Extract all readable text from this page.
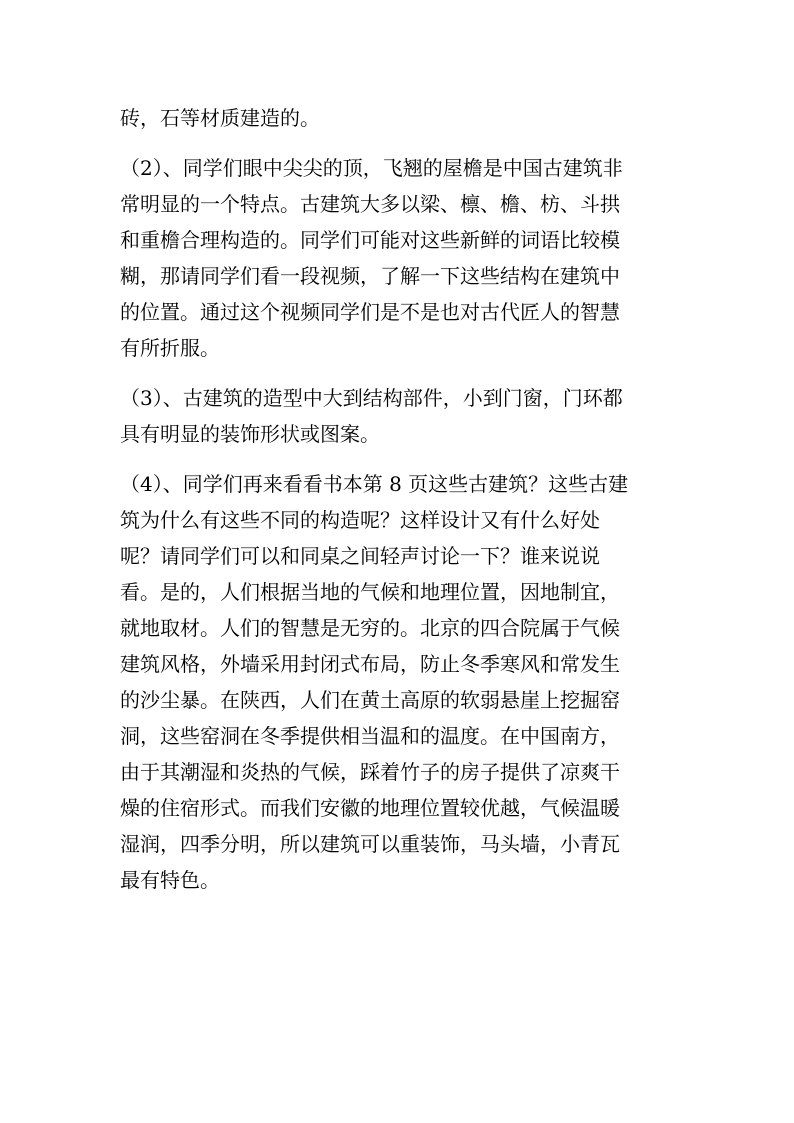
砖，石等材质建造的。
（2）、同学们眼中尖尖的顶，飞翘的屋檐是中国古建筑非
常明显的一个特点。古建筑大多以梁、檩、檐、枋、斗拱
和重檐合理构造的。同学们可能对这些新鲜的词语比较模
糊，那请同学们看一段视频，了解一下这些结构在建筑中
的位置。通过这个视频同学们是不是也对古代匠人的智慧
有所折服。
（3）、古建筑的造型中大到结构部件，小到门窗，门环都
具有明显的装饰形状或图案。
（4）、同学们再来看看书本第 8 页这些古建筑？这些古建
筑为什么有这些不同的构造呢？这样设计又有什么好处
呢？请同学们可以和同桌之间轻声讨论一下？谁来说说
看。是的，人们根据当地的气候和地理位置，因地制宜，
就地取材。人们的智慧是无穷的。北京的四合院属于气候
建筑风格，外墙采用封闭式布局，防止冬季寒风和常发生
的沙尘暴。在陕西，人们在黄土高原的软弱悬崖上挖掘窑
洞，这些窑洞在冬季提供相当温和的温度。在中国南方，
由于其潮湿和炎热的气候，踩着竹子的房子提供了凉爽干
燥的住宿形式。而我们安徽的地理位置较优越，气候温暖
湿润，四季分明，所以建筑可以重装饰，马头墙，小青瓦
最有特色。
